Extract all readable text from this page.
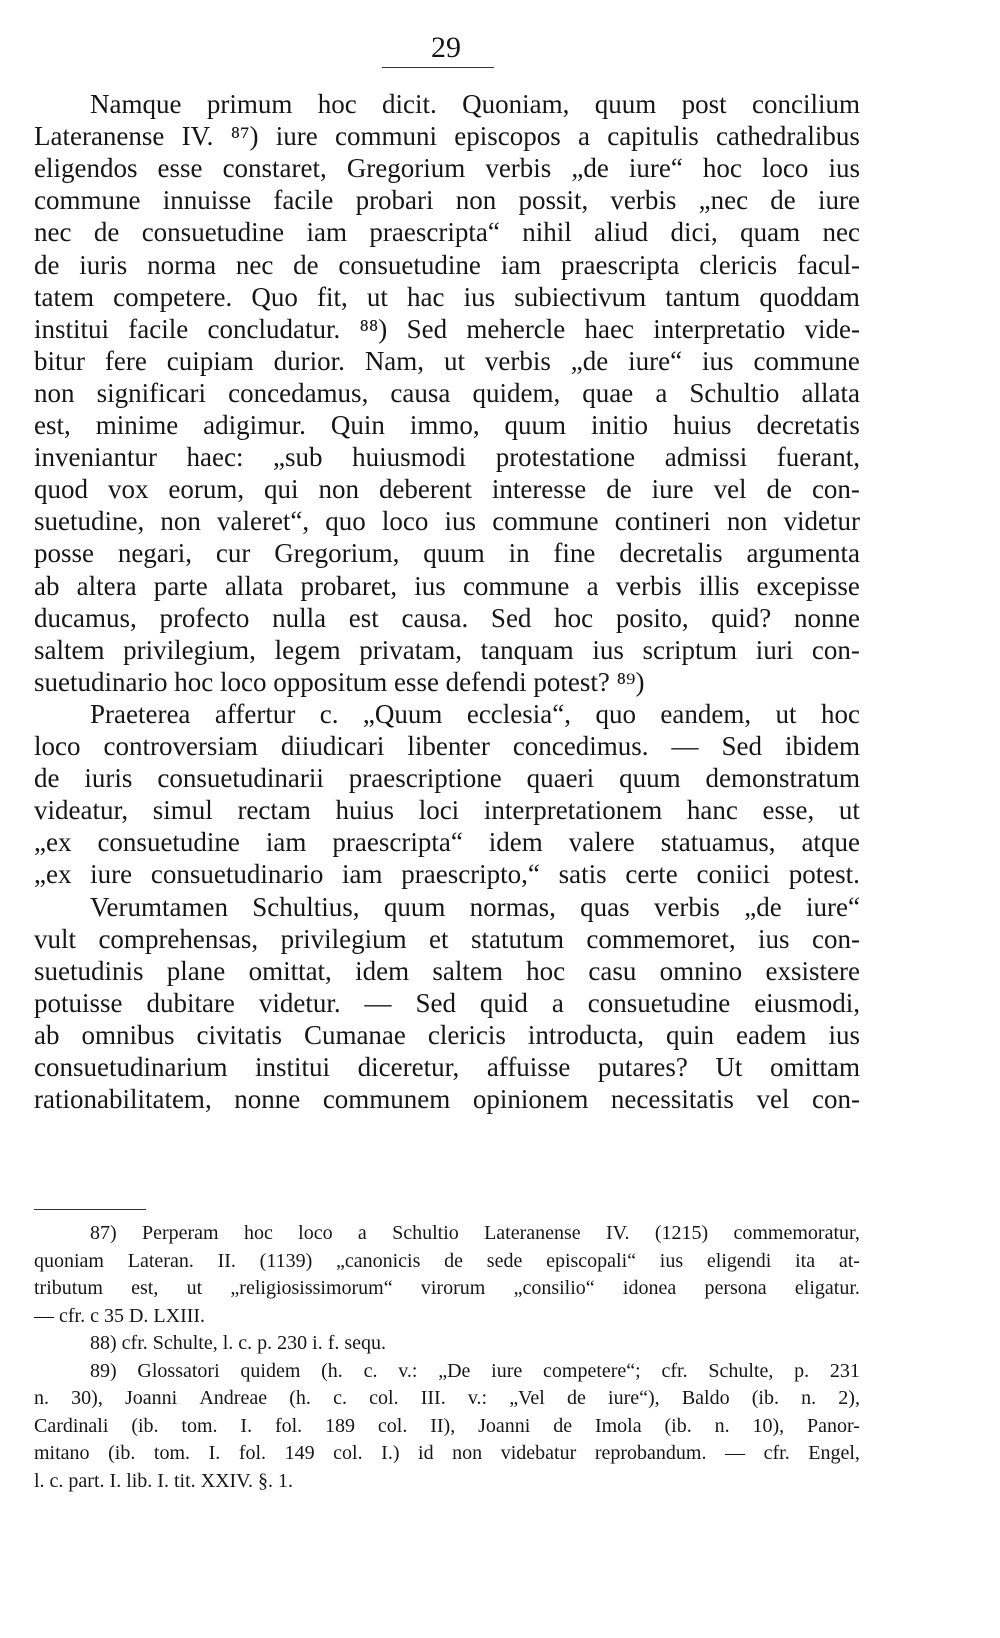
29
Namque primum hoc dicit. Quoniam, quum post concilium
Lateranense IV. ⁸⁷) iure communi episcopos a capitulis cathedralibus
eligendos esse constaret, Gregorium verbis „de iure“ hoc loco ius
commune innuisse facile probari non possit, verbis „nec de iure
nec de consuetudine iam praescripta“ nihil aliud dici, quam nec
de iuris norma nec de consuetudine iam praescripta clericis facul-
tatem competere. Quo fit, ut hac ius subiectivum tantum quoddam
institui facile concludatur. ⁸⁸) Sed mehercle haec interpretatio vide-
bitur fere cuipiam durior. Nam, ut verbis „de iure“ ius commune
non significari concedamus, causa quidem, quae a Schultio allata
est, minime adigimur. Quin immo, quum initio huius decretatis
inveniantur haec: „sub huiusmodi protestatione admissi fuerant,
quod vox eorum, qui non deberent interesse de iure vel de con-
suetudine, non valeret“, quo loco ius commune contineri non videtur
posse negari, cur Gregorium, quum in fine decretalis argumenta
ab altera parte allata probaret, ius commune a verbis illis excepisse
ducamus, profecto nulla est causa. Sed hoc posito, quid? nonne
saltem privilegium, legem privatam, tanquam ius scriptum iuri con-
suetudinario hoc loco oppositum esse defendi potest? ⁸⁹)
Praeterea affertur c. „Quum ecclesia“, quo eandem, ut hoc
loco controversiam diiudicari libenter concedimus. — Sed ibidem
de iuris consuetudinarii praescriptione quaeri quum demonstratum
videatur, simul rectam huius loci interpretationem hanc esse, ut
„ex consuetudine iam praescripta“ idem valere statuamus, atque
„ex iure consuetudinario iam praescripto,“ satis certe coniici potest.
Verumtamen Schultius, quum normas, quas verbis „de iure“
vult comprehensas, privilegium et statutum commemoret, ius con-
suetudinis plane omittat, idem saltem hoc casu omnino exsistere
potuisse dubitare videtur. — Sed quid a consuetudine eiusmodi,
ab omnibus civitatis Cumanae clericis introducta, quin eadem ius
consuetudinarium institui diceretur, affuisse putares? Ut omittam
rationabilitatem, nonne communem opinionem necessitatis vel con-
87) Perperam hoc loco a Schultio Lateranense IV. (1215) commemoratur,
quoniam Lateran. II. (1139) „canonicis de sede episcopali“ ius eligendi ita at-
tributum est, ut „religiosissimorum“ virorum „consilio“ idonea persona eligatur.
— cfr. c 35 D. LXIII.
88) cfr. Schulte, l. c. p. 230 i. f. sequ.
89) Glossatori quidem (h. c. v.: „De iure competere“; cfr. Schulte, p. 231
n. 30), Joanni Andreae (h. c. col. III. v.: „Vel de iure“), Baldo (ib. n. 2),
Cardinali (ib. tom. I. fol. 189 col. II), Joanni de Imola (ib. n. 10), Panor-
mitano (ib. tom. I. fol. 149 col. I.) id non videbatur reprobandum. — cfr. Engel,
l. c. part. I. lib. I. tit. XXIV. §. 1.
